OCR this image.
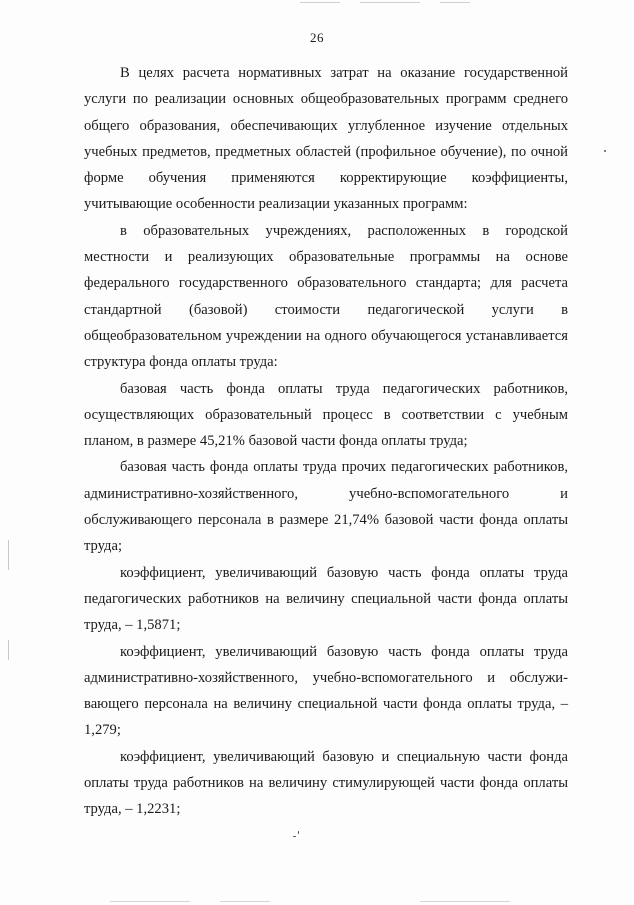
26

В целях расчета нормативных затрат на оказание государственной услуги по реализации основных общеобразовательных программ среднего общего образования, обеспечивающих углубленное изучение отдельных учебных предметов, предметных областей (профильное обучение), по очной форме обучения применяются корректирующие коэффициенты, учитывающие особенности реализации указанных программ:

в образовательных учреждениях, расположенных в городской местности и реализующих образовательные программы на основе федерального государственного образовательного стандарта; для расчета стандартной (базовой) стоимости педагогической услуги в общеобразовательном учреждении на одного обучающегося устанавливается структура фонда оплаты труда:

базовая часть фонда оплаты труда педагогических работников, осуществляющих образовательный процесс в соответствии с учебным планом, в размере 45,21% базовой части фонда оплаты труда;

базовая часть фонда оплаты труда прочих педагогических работников, административно-хозяйственного, учебно-вспомогательного и обслуживающего персонала в размере 21,74% базовой части фонда оплаты труда;

коэффициент, увеличивающий базовую часть фонда оплаты труда педагогических работников на величину специальной части фонда оплаты труда, – 1,5871;

коэффициент, увеличивающий базовую часть фонда оплаты труда административно-хозяйственного, учебно-вспомогательного и обслуживающего персонала на величину специальной части фонда оплаты труда, – 1,279;

коэффициент, увеличивающий базовую и специальную части фонда оплаты труда работников на величину стимулирующей части фонда оплаты труда, – 1,2231;
